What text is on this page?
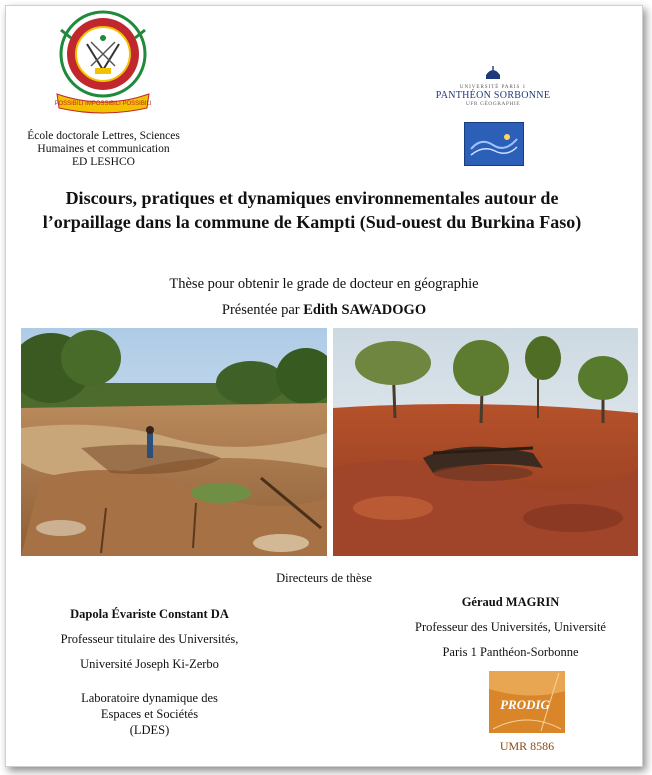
POSSIBILI IMPOSSIBILI POSSIBILI
UNIVERSITÉ PARIS 1
PANTHÉON SORBONNE
UFR GÉOGRAPHIE
École doctorale Lettres, Sciences
Humaines et communication
ED LESHCO
Discours, pratiques et dynamiques environnementales autour de l’orpaillage dans la commune de Kampti (Sud-ouest du Burkina Faso)
Thèse pour obtenir le grade de docteur en géographie
Présentée par Edith SAWADOGO
Directeurs de thèse
Dapola Évariste Constant DA
Professeur titulaire des Universités,
Université Joseph Ki-Zerbo
Géraud MAGRIN
Professeur des Universités, Université
Paris 1 Panthéon-Sorbonne
Laboratoire dynamique des
Espaces et Sociétés
(LDES)
PRODIG
UMR 8586
